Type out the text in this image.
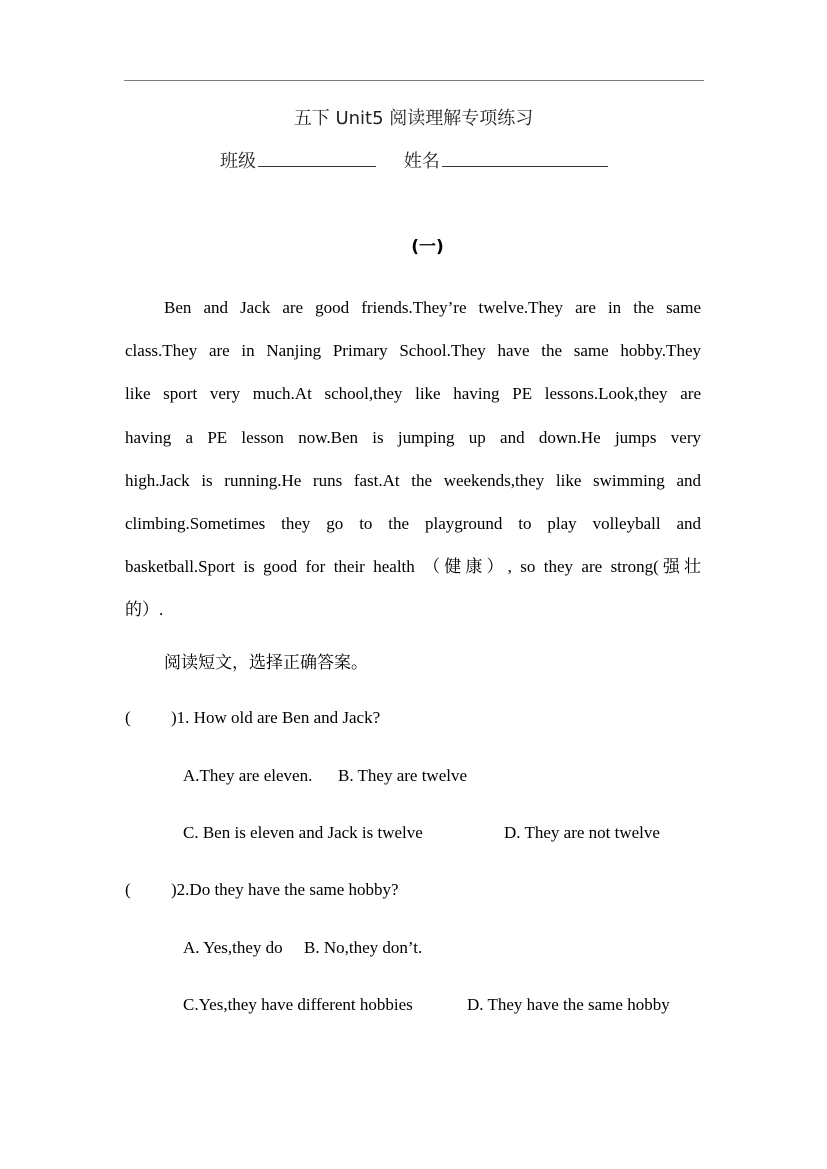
五下 Unit5 阅读理解专项练习
班级	姓名
(一)
Ben and Jack are good friends.They’re twelve.They are in the same
class.They are in Nanjing Primary School.They have the same hobby.They
like sport very much.At school,they like having PE lessons.Look,they are
having a PE lesson now.Ben is jumping up and down.He jumps very
high.Jack is running.He runs fast.At the weekends,they like swimming and
climbing.Sometimes they go to the playground to play volleyball and
basketball.Sport is good for their health （健康）, so they are strong(强壮
的）.
阅读短文，选择正确答案。
( )1. How old are Ben and Jack?
A.They are eleven. B. They are twelve
C. Ben is eleven and Jack is twelve	D. They are not twelve
( )2.Do they have the same hobby?
A. Yes,they do B. No,they don’t.
C.Yes,they have different hobbies	D. They have the same hobby
